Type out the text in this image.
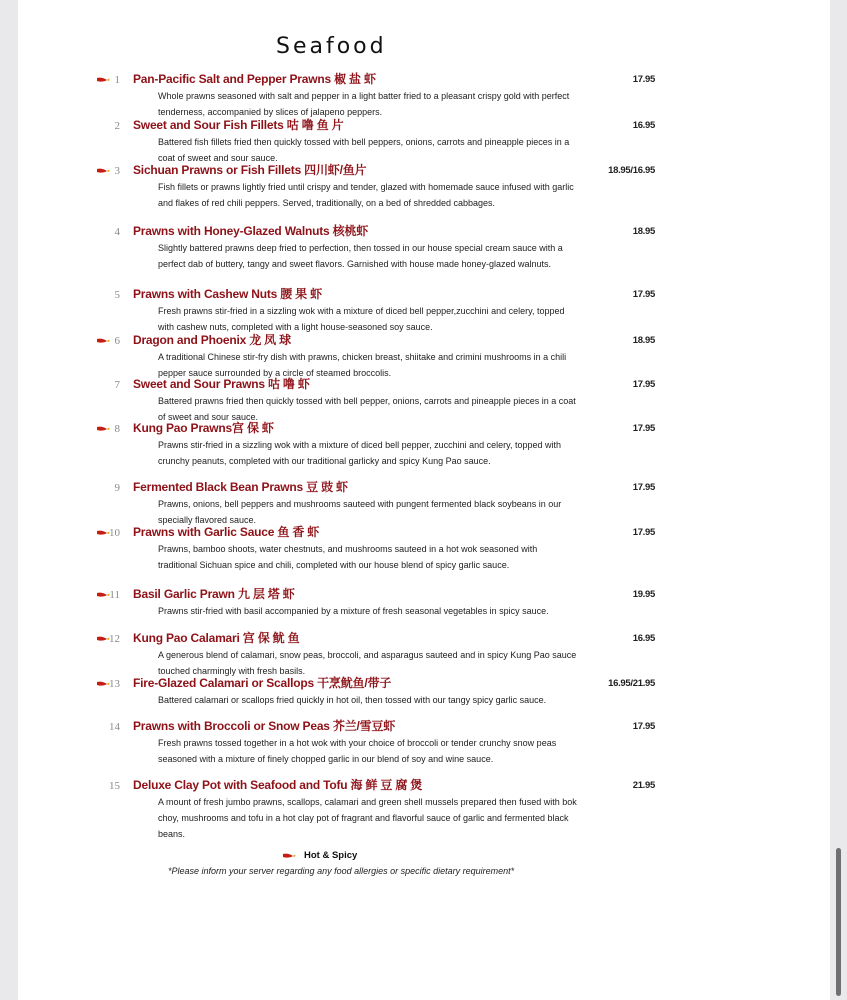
Seafood
1 Pan-Pacific Salt and Pepper Prawns 椒 盐 虾	17.95
Whole prawns seasoned with salt and pepper in a light batter fried to a pleasant crispy gold with perfect tenderness, accompanied by slices of jalapeno peppers.
2 Sweet and Sour Fish Fillets 咕 噜 鱼 片	16.95
Battered fish fillets fried then quickly tossed with bell peppers, onions, carrots and pineapple pieces in a coat of sweet and sour sauce.
3 Sichuan Prawns or Fish Fillets 四川虾/鱼片	18.95/16.95
Fish fillets or prawns lightly fried until crispy and tender, glazed with homemade sauce infused with garlic and flakes of red chili peppers. Served, traditionally, on a bed of shredded cabbages.
4 Prawns with Honey-Glazed Walnuts 核桃虾	18.95
Slightly battered prawns deep fried to perfection, then tossed in our house special cream sauce with a perfect dab of buttery, tangy and sweet flavors. Garnished with house made honey-glazed walnuts.
5 Prawns with Cashew Nuts 腰 果 虾	17.95
Fresh prawns stir-fried in a sizzling wok with a mixture of diced bell pepper,zucchini and celery, topped with cashew nuts, completed with a light house-seasoned soy sauce.
6 Dragon and Phoenix 龙 凤 球	18.95
A traditional Chinese stir-fry dish with prawns, chicken breast, shiitake and crimini mushrooms in a chili pepper sauce surrounded by a circle of steamed broccolis.
7 Sweet and Sour Prawns 咕 噜 虾	17.95
Battered prawns fried then quickly tossed with bell pepper, onions, carrots and pineapple pieces in a coat of sweet and sour sauce.
8 Kung Pao Prawns宫 保 虾	17.95
Prawns stir-fried in a sizzling wok with a mixture of diced bell pepper, zucchini and celery, topped with crunchy peanuts, completed with our traditional garlicky and spicy Kung Pao sauce.
9 Fermented Black Bean Prawns 豆 豉 虾	17.95
Prawns, onions, bell peppers and mushrooms sauteed with pungent fermented black soybeans in our specially flavored sauce.
10 Prawns with Garlic Sauce 鱼 香 虾	17.95
Prawns, bamboo shoots, water chestnuts, and mushrooms sauteed in a hot wok seasoned with traditional Sichuan spice and chili, completed with our house blend of spicy garlic sauce.
11 Basil Garlic Prawn 九 层 塔 虾	19.95
Prawns stir-fried with basil accompanied by a mixture of fresh seasonal vegetables in spicy sauce.
12 Kung Pao Calamari 宫 保 鱿 鱼	16.95
A generous blend of calamari, snow peas, broccoli, and asparagus sauteed and in spicy Kung Pao sauce touched charmingly with fresh basils.
13 Fire-Glazed Calamari or Scallops 干烹鱿鱼/带子	16.95/21.95
Battered calamari or scallops fried quickly in hot oil, then tossed with our tangy spicy garlic sauce.
14 Prawns with Broccoli or Snow Peas 芥兰/雪豆虾	17.95
Fresh prawns tossed together in a hot wok with your choice of broccoli or tender crunchy snow peas seasoned with a mixture of finely chopped garlic in our blend of soy and wine sauce.
15 Deluxe Clay Pot with Seafood and Tofu 海 鲜 豆 腐 煲	21.95
A mount of fresh jumbo prawns, scallops, calamari and green shell mussels prepared then fused with bok choy, mushrooms and tofu in a hot clay pot of fragrant and flavorful sauce of garlic and fermented black beans.
Hot & Spicy
*Please inform your server regarding any food allergies or specific dietary requirement*
